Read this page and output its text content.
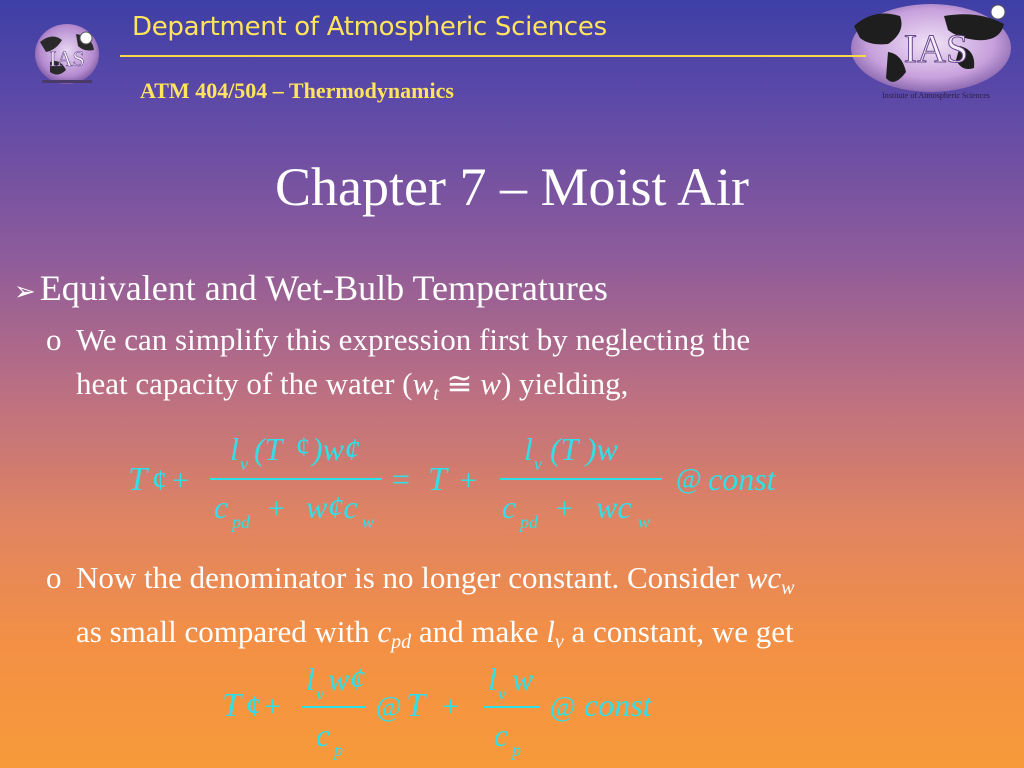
IAS	IAS
Institute of Atmospheric Sciences
Department of Atmospheric Sciences
ATM 404/504 – Thermodynamics
Chapter 7 – Moist Air
➢ Equivalent and Wet-Bulb Temperatures
o We can simplify this expression first by neglecting the
heat capacity of the water (wt ≅ w) yielding,
T ¢ +
l v (T ¢ )w¢
c pd + w¢c w
= T +
l v (T )w
c pd + wc w
@ const
o Now the denominator is no longer constant. Consider wcw
as small compared with cpd and make lv a constant, we get
T ¢ +
l v w¢
c p
@ T +
l v w
c p
@ const
